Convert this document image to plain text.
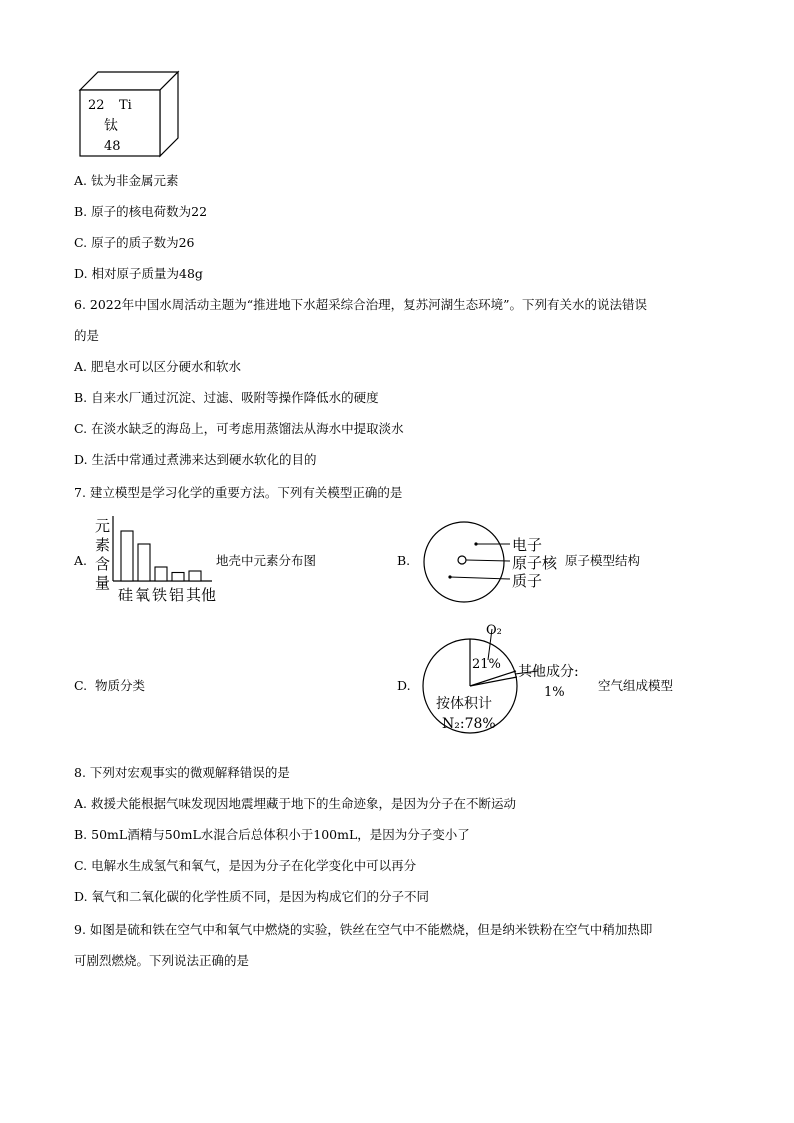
22 Ti
钛
48
A. 钛为非金属元素
B. 原子的核电荷数为22
C. 原子的质子数为26
D. 相对原子质量为48g
6. 2022年中国水周活动主题为“推进地下水超采综合治理，复苏河湖生态环境”。下列有关水的说法错误
的是
A. 肥皂水可以区分硬水和软水
B. 自来水厂通过沉淀、过滤、吸附等操作降低水的硬度
C. 在淡水缺乏的海岛上，可考虑用蒸馏法从海水中提取淡水
D. 生活中常通过煮沸来达到硬水软化的目的
7. 建立模型是学习化学的重要方法。下列有关模型正确的是
A.
元
素
含
量
硅 氧 铁 铝 其他
地壳中元素分布图	B.
电子
原子核
质子
原子模型结构
C. 物质分类	D.
O₂
21% 其他成分:
1%
按体积计
N₂:78%
空气组成模型
8. 下列对宏观事实的微观解释错误的是
A. 救援犬能根据气味发现因地震埋藏于地下的生命迹象，是因为分子在不断运动
B. 50mL酒精与50mL水混合后总体积小于100mL，是因为分子变小了
C. 电解水生成氢气和氧气，是因为分子在化学变化中可以再分
D. 氧气和二氧化碳的化学性质不同，是因为构成它们的分子不同
9. 如图是硫和铁在空气中和氧气中燃烧的实验，铁丝在空气中不能燃烧，但是纳米铁粉在空气中稍加热即
可剧烈燃烧。下列说法正确的是
